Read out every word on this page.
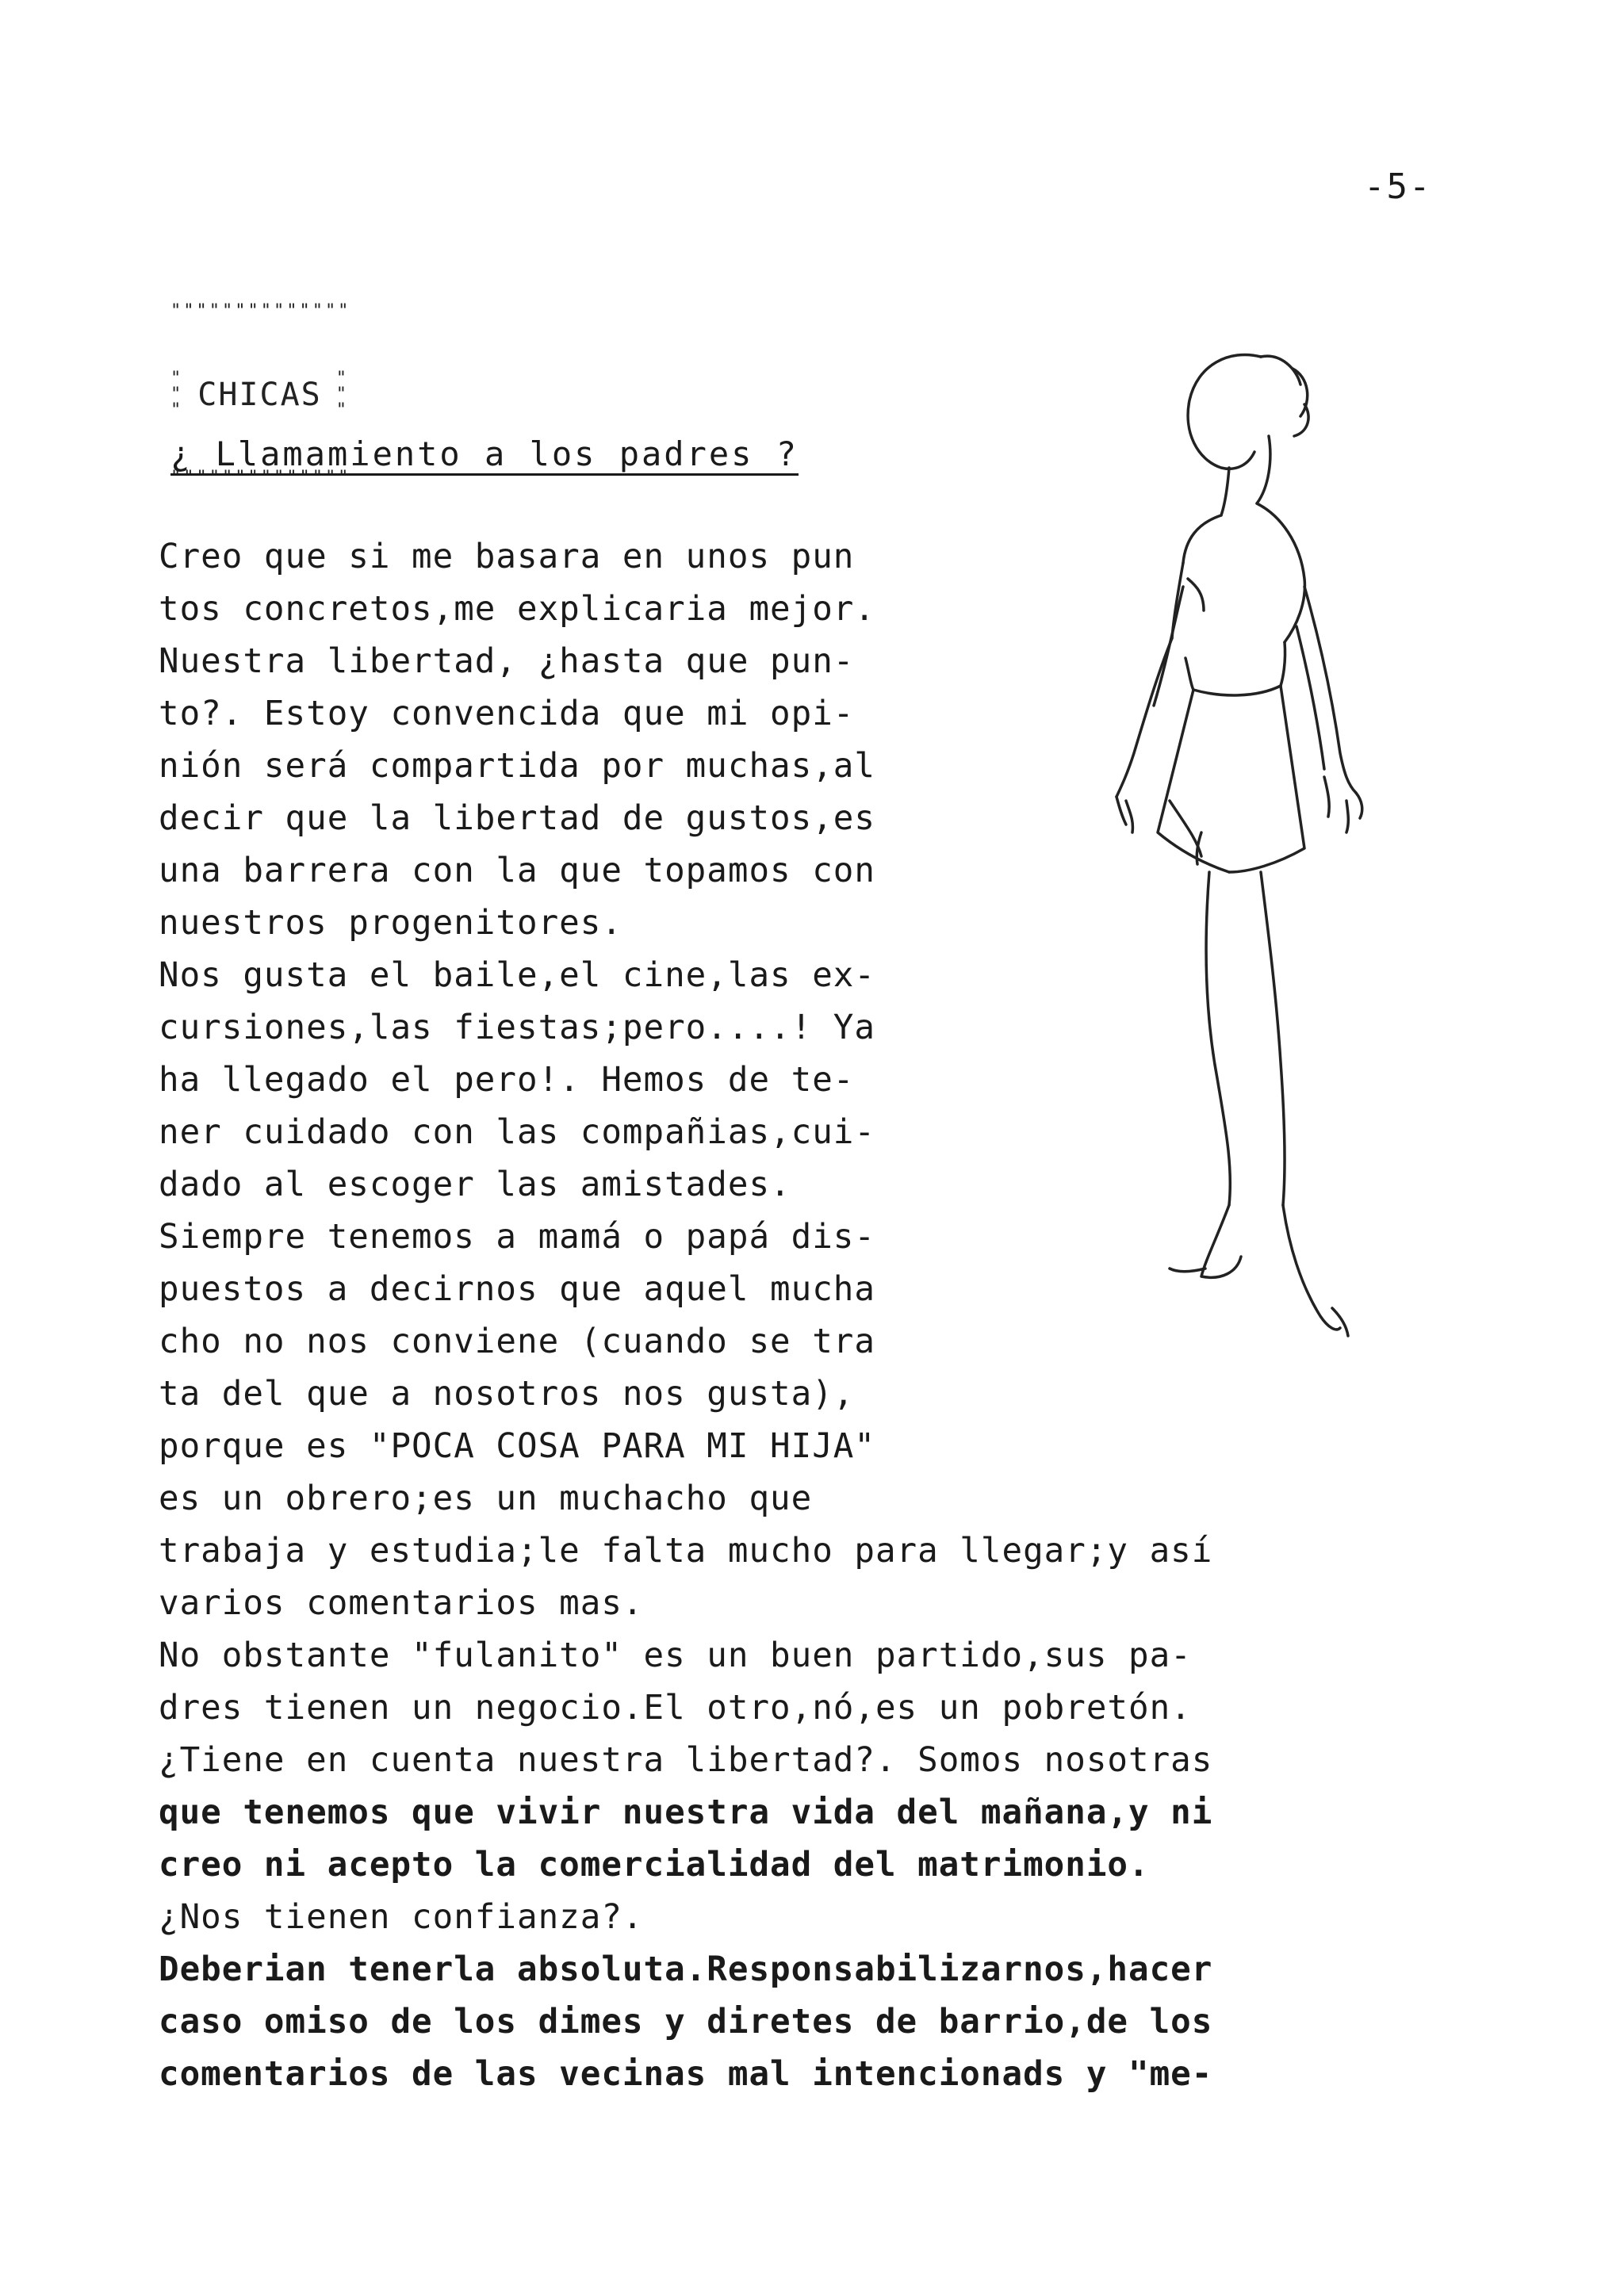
-5-

""""""""""""""

"
"
" CHICAS "
"
"

""""""""""""""

¿ Llamamiento a los padres ?
Creo que si me basara en unos pun
tos concretos,me explicaria mejor.
Nuestra libertad, ¿hasta que pun-
to?. Estoy convencida que mi opi-
nión será compartida por muchas,al
decir que la libertad de gustos,es
una barrera con la que topamos con
nuestros progenitores.
Nos gusta el baile,el cine,las ex-
cursiones,las fiestas;pero....! Ya
ha llegado el pero!. Hemos de te-
ner cuidado con las compañias,cui-
dado al escoger las amistades.
Siempre tenemos a mamá o papá dis-
puestos a decirnos que aquel mucha
cho no nos conviene (cuando se tra
ta del que a nosotros nos gusta),
porque es "POCA COSA PARA MI HIJA"
es un obrero;es un muchacho que
trabaja y estudia;le falta mucho para llegar;y así
varios comentarios mas.
No obstante "fulanito" es un buen partido,sus pa-
dres tienen un negocio.El otro,nó,es un pobretón.
¿Tiene en cuenta nuestra libertad?. Somos nosotras
que tenemos que vivir nuestra vida del mañana,y ni
creo ni acepto la comercialidad del matrimonio.
¿Nos tienen confianza?.
Deberian tenerla absoluta.Responsabilizarnos,hacer
caso omiso de los dimes y diretes de barrio,de los
comentarios de las vecinas mal intencionads y "me-
